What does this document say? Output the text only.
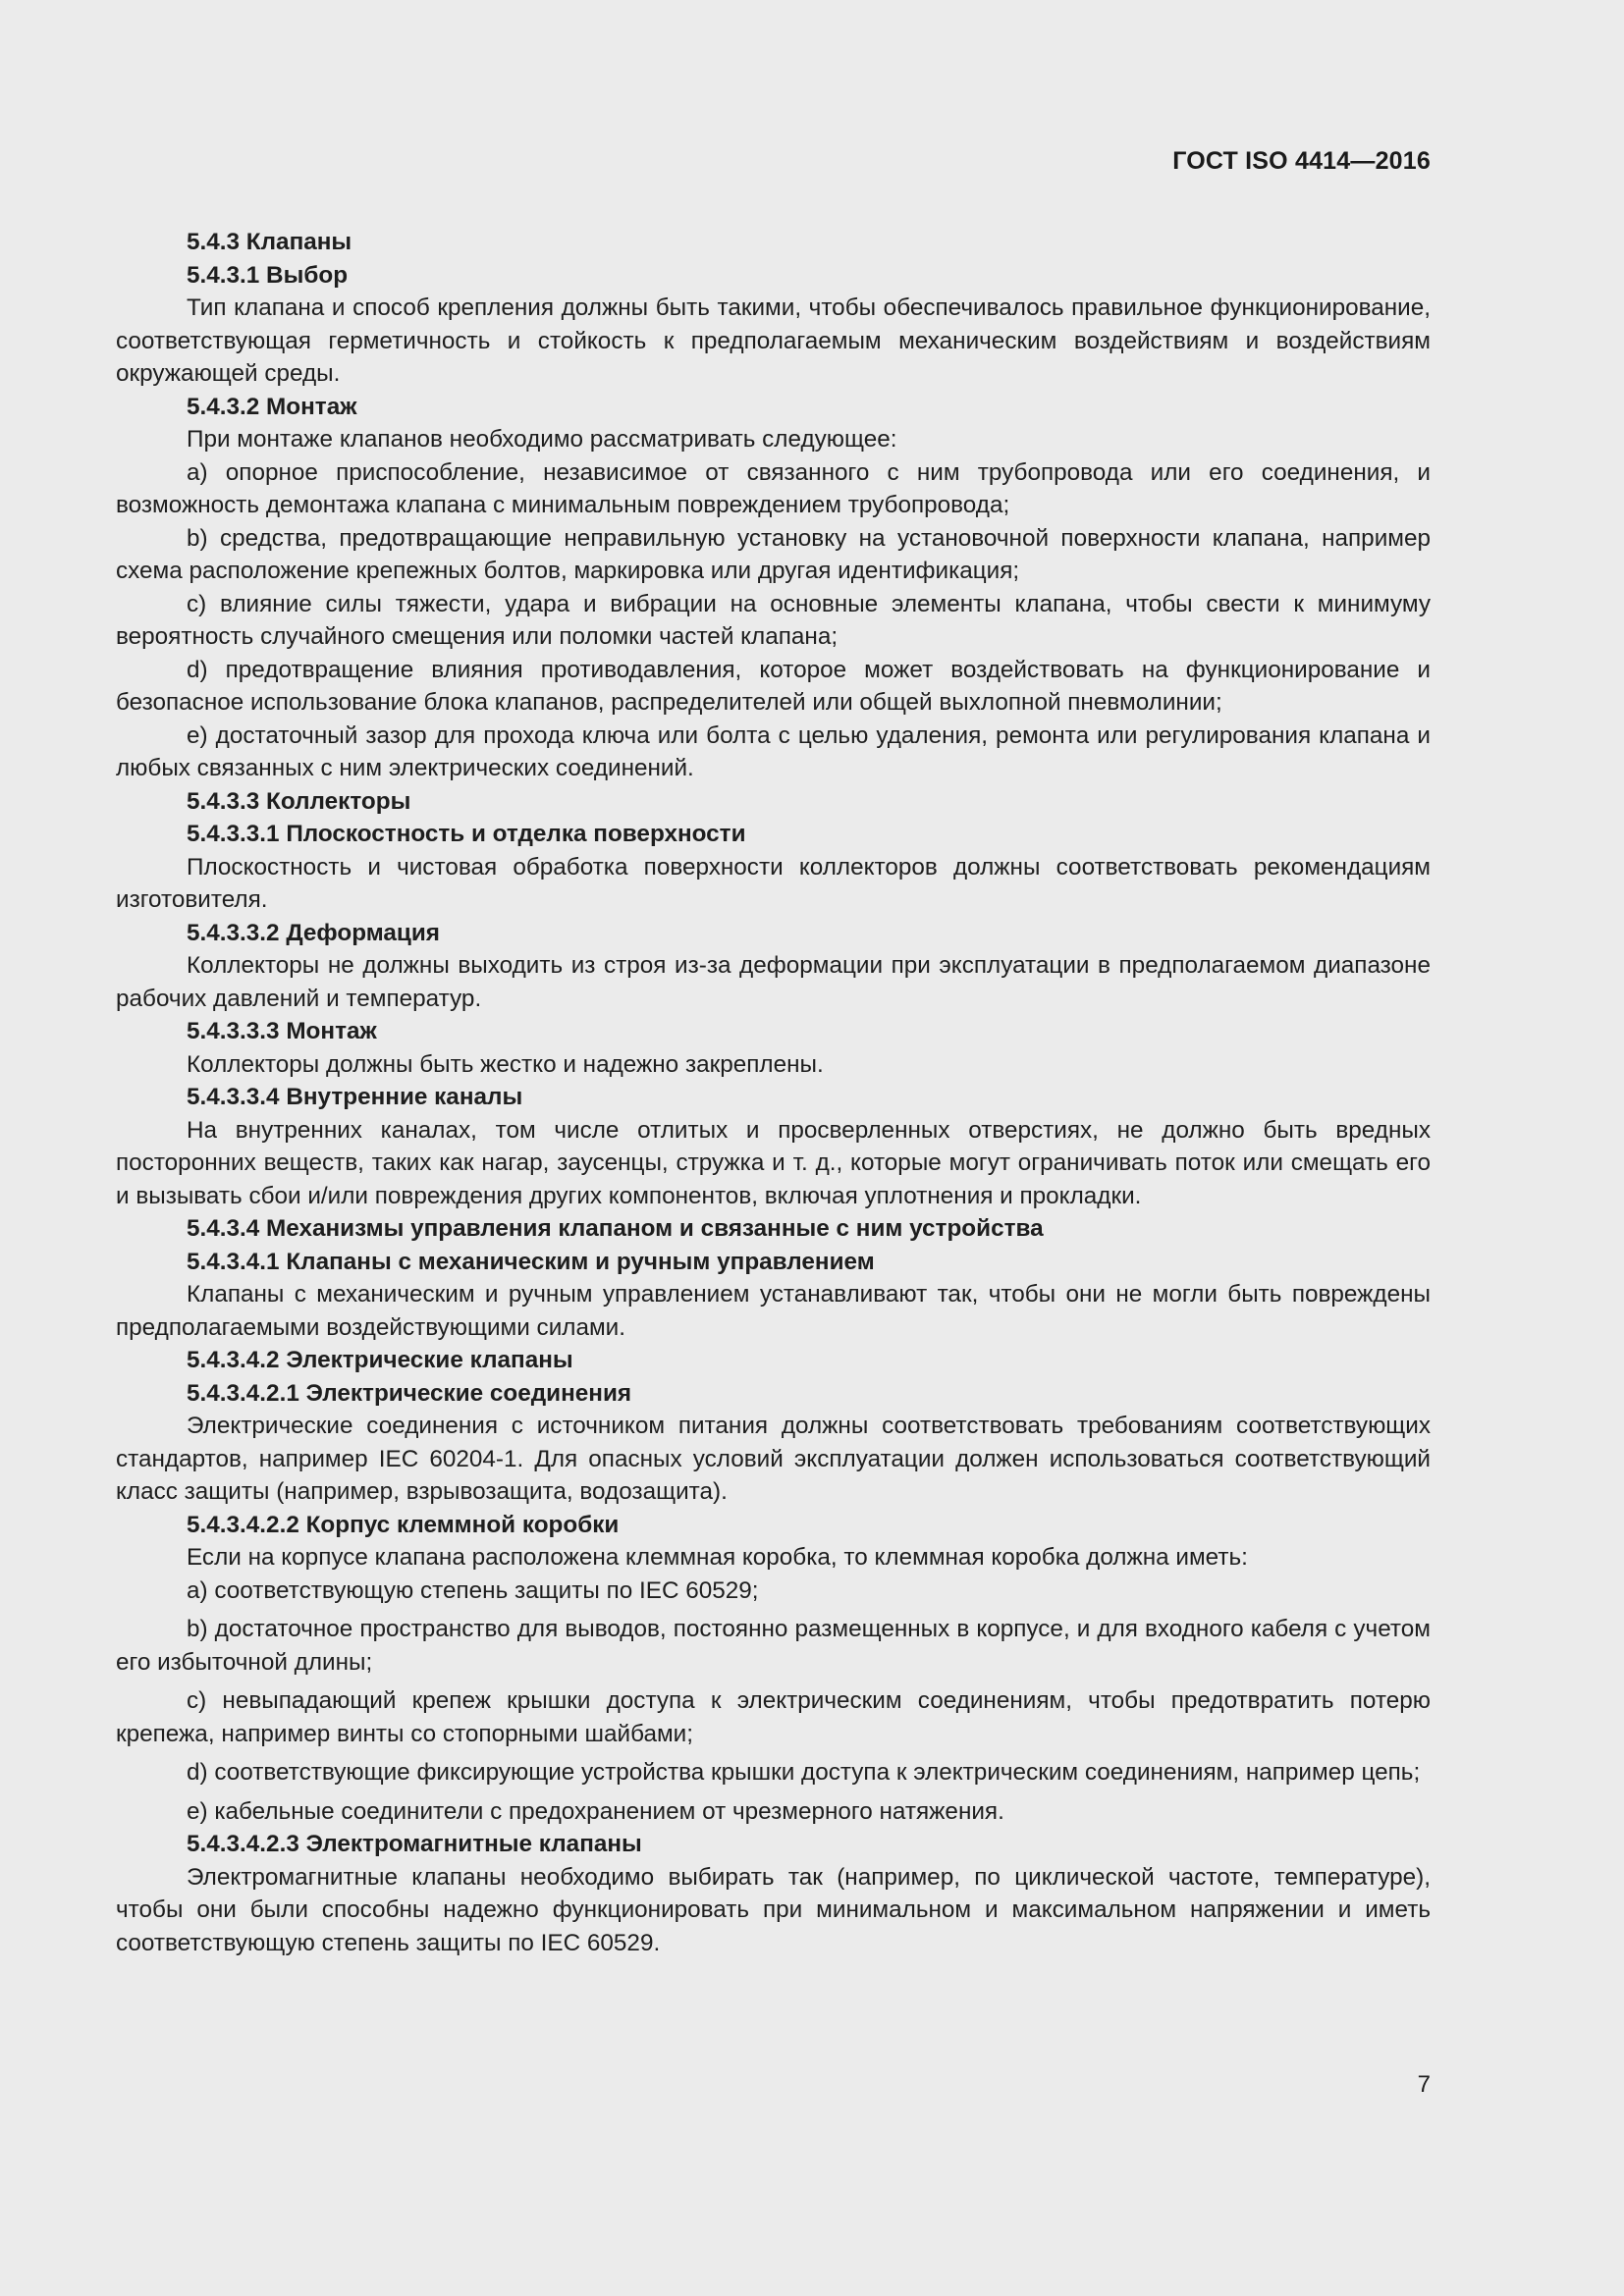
ГОСТ ISO 4414—2016
5.4.3 Клапаны
5.4.3.1 Выбор

Тип клапана и способ крепления должны быть такими, чтобы обеспечивалось правильное функционирование, соответствующая герметичность и стойкость к предполагаемым механическим воздействиям и воздействиям окружающей среды.

5.4.3.2 Монтаж

При монтаже клапанов необходимо рассматривать следующее:

a) опорное приспособление, независимое от связанного с ним трубопровода или его соединения, и возможность демонтажа клапана с минимальным повреждением трубопровода;

b) средства, предотвращающие неправильную установку на установочной поверхности клапана, например схема расположение крепежных болтов, маркировка или другая идентификация;

c) влияние силы тяжести, удара и вибрации на основные элементы клапана, чтобы свести к минимуму вероятность случайного смещения или поломки частей клапана;

d) предотвращение влияния противодавления, которое может воздействовать на функционирование и безопасное использование блока клапанов, распределителей или общей выхлопной пневмолинии;

e) достаточный зазор для прохода ключа или болта с целью удаления, ремонта или регулирования клапана и любых связанных с ним электрических соединений.

5.4.3.3 Коллекторы
5.4.3.3.1 Плоскостность и отделка поверхности

Плоскостность и чистовая обработка поверхности коллекторов должны соответствовать рекомендациям изготовителя.

5.4.3.3.2 Деформация

Коллекторы не должны выходить из строя из-за деформации при эксплуатации в предполагаемом диапазоне рабочих давлений и температур.

5.4.3.3.3 Монтаж

Коллекторы должны быть жестко и надежно закреплены.

5.4.3.3.4 Внутренние каналы

На внутренних каналах, том числе отлитых и просверленных отверстиях, не должно быть вредных посторонних веществ, таких как нагар, заусенцы, стружка и т. д., которые могут ограничивать поток или смещать его и вызывать сбои и/или повреждения других компонентов, включая уплотнения и прокладки.

5.4.3.4 Механизмы управления клапаном и связанные с ним устройства
5.4.3.4.1 Клапаны с механическим и ручным управлением

Клапаны с механическим и ручным управлением устанавливают так, чтобы они не могли быть повреждены предполагаемыми воздействующими силами.

5.4.3.4.2 Электрические клапаны
5.4.3.4.2.1 Электрические соединения

Электрические соединения с источником питания должны соответствовать требованиям соответствующих стандартов, например IEC 60204-1. Для опасных условий эксплуатации должен использоваться соответствующий класс защиты (например, взрывозащита, водозащита).

5.4.3.4.2.2 Корпус клеммной коробки

Если на корпусе клапана расположена клеммная коробка, то клеммная коробка должна иметь:

a) соответствующую степень защиты по IEC 60529;

b) достаточное пространство для выводов, постоянно размещенных в корпусе, и для входного кабеля с учетом его избыточной длины;

c) невыпадающий крепеж крышки доступа к электрическим соединениям, чтобы предотвратить потерю крепежа, например винты со стопорными шайбами;

d) соответствующие фиксирующие устройства крышки доступа к электрическим соединениям, например цепь;

e) кабельные соединители с предохранением от чрезмерного натяжения.

5.4.3.4.2.3 Электромагнитные клапаны

Электромагнитные клапаны необходимо выбирать так (например, по циклической частоте, температуре), чтобы они были способны надежно функционировать при минимальном и максимальном напряжении и иметь соответствующую степень защиты по IEC 60529.

7
